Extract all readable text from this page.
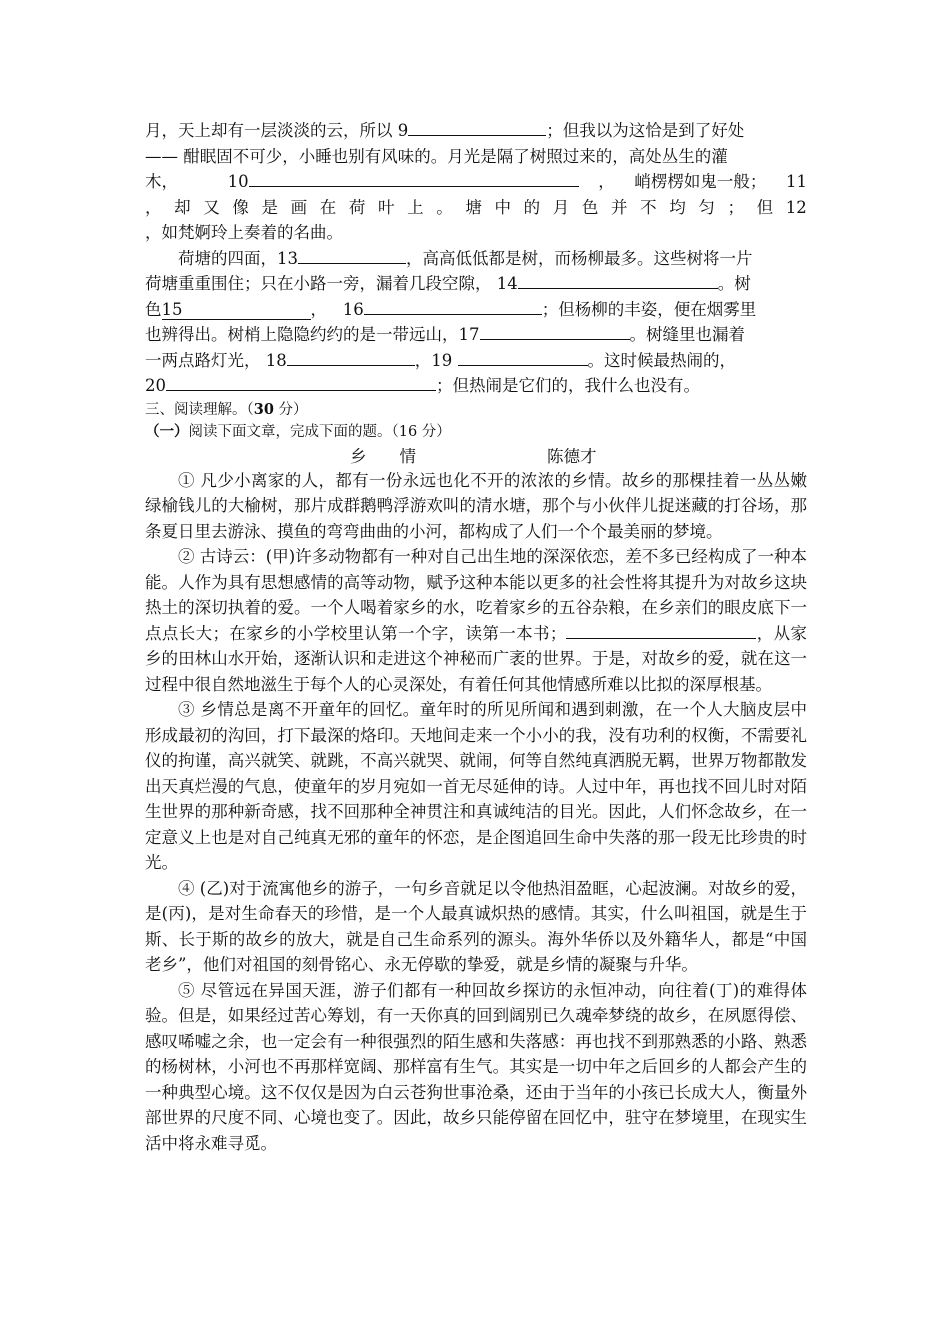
月，天上却有一层淡淡的云，所以 9	；但我以为这恰是到了好处

—— 酣眠固不可少，小睡也别有风味的。月光是隔了树照过来的，高处丛生的灌

木，	10	， 峭楞楞如鬼一般； 11
， 却 又 像 是 画 在 荷 叶 上 。 塘 中 的 月 色 并 不 均 匀 ； 但 12

，如梵婀玲上奏着的名曲。

荷塘的四面，13	，高高低低都是树，而杨柳最多。这些树将一片

荷塘重重围住；只在小路一旁，漏着几段空隙， 14	。树

色15	， 16	；但杨柳的丰姿，便在烟雾里

也辨得出。树梢上隐隐约约的是一带远山，17	。树缝里也漏着

一两点路灯光， 18	，19	。这时候最热闹的，

20	；但热闹是它们的，我什么也没有。

三、阅读理解。（30 分）

（一）阅读下面文章，完成下面的题。（16 分）

乡　　情	陈德才

① 凡少小离家的人，都有一份永远也化不开的浓浓的乡情。故乡的那棵挂着一丛丛嫩绿榆钱儿的大榆树，那片成群鹅鸭浮游欢叫的清水塘，那个与小伙伴儿捉迷藏的打谷场，那条夏日里去游泳、摸鱼的弯弯曲曲的小河，都构成了人们一个个最美丽的梦境。

② 古诗云：(甲)许多动物都有一种对自己出生地的深深依恋，差不多已经构成了一种本能。人作为具有思想感情的高等动物，赋予这种本能以更多的社会性将其提升为对故乡这块热土的深切执着的爱。一个人喝着家乡的水，吃着家乡的五谷杂粮，在乡亲们的眼皮底下一点点长大；在家乡的小学校里认第一个字，读第一本书；	，从家乡的田林山水开始，逐渐认识和走进这个神秘而广袤的世界。于是，对故乡的爱，就在这一过程中很自然地滋生于每个人的心灵深处，有着任何其他情感所难以比拟的深厚根基。

③ 乡情总是离不开童年的回忆。童年时的所见所闻和遇到刺激，在一个人大脑皮层中形成最初的沟回，打下最深的烙印。天地间走来一个小小的我，没有功利的权衡，不需要礼仪的拘谨，高兴就笑、就跳，不高兴就哭、就闹，何等自然纯真洒脱无羁，世界万物都散发出天真烂漫的气息，使童年的岁月宛如一首无尽延伸的诗。人过中年，再也找不回儿时对陌生世界的那种新奇感，找不回那种全神贯注和真诚纯洁的目光。因此，人们怀念故乡，在一定意义上也是对自己纯真无邪的童年的怀恋，是企图追回生命中失落的那一段无比珍贵的时光。

④ (乙)对于流寓他乡的游子，一句乡音就足以令他热泪盈眶，心起波澜。对故乡的爱，是(丙)，是对生命春天的珍惜，是一个人最真诚炽热的感情。其实，什么叫祖国，就是生于斯、长于斯的故乡的放大，就是自己生命系列的源头。海外华侨以及外籍华人，都是“中国老乡”，他们对祖国的刻骨铭心、永无停歇的挚爱，就是乡情的凝聚与升华。

⑤ 尽管远在异国天涯，游子们都有一种回故乡探访的永恒冲动，向往着(丁)的难得体验。但是，如果经过苦心筹划，有一天你真的回到阔别已久魂牵梦绕的故乡，在夙愿得偿、感叹唏嘘之余，也一定会有一种很强烈的陌生感和失落感：再也找不到那熟悉的小路、熟悉的杨树林，小河也不再那样宽阔、那样富有生气。其实是一切中年之后回乡的人都会产生的一种典型心境。这不仅仅是因为白云苍狗世事沧桑，还由于当年的小孩已长成大人，衡量外部世界的尺度不同、心境也变了。因此，故乡只能停留在回忆中，驻守在梦境里，在现实生活中将永难寻觅。
